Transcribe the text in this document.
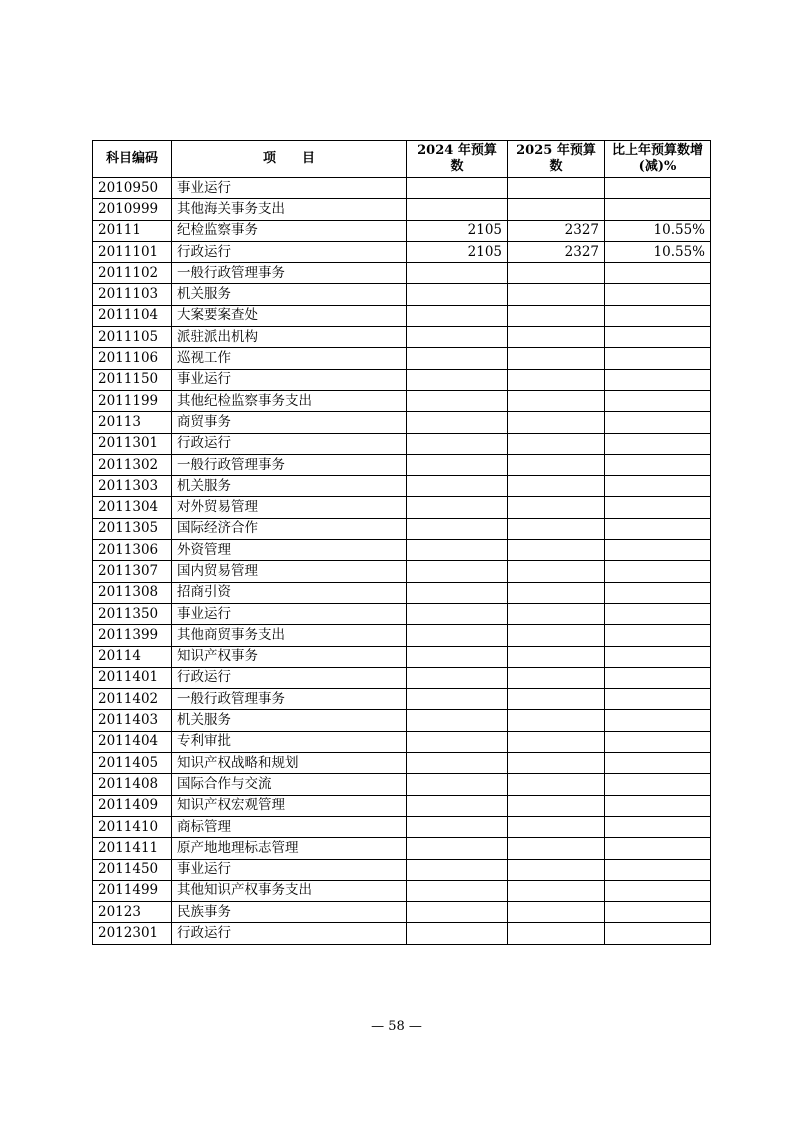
科目编码	项　　目	2024 年预算数	2025 年预算数	比上年预算数增 (减)%
2010950	事业运行			
2010999	其他海关事务支出			
20111	纪检监察事务	2105	2327	10.55%
2011101	行政运行	2105	2327	10.55%
2011102	一般行政管理事务			
2011103	机关服务			
2011104	大案要案查处			
2011105	派驻派出机构			
2011106	巡视工作			
2011150	事业运行			
2011199	其他纪检监察事务支出			
20113	商贸事务			
2011301	行政运行			
2011302	一般行政管理事务			
2011303	机关服务			
2011304	对外贸易管理			
2011305	国际经济合作			
2011306	外资管理			
2011307	国内贸易管理			
2011308	招商引资			
2011350	事业运行			
2011399	其他商贸事务支出			
20114	知识产权事务			
2011401	行政运行			
2011402	一般行政管理事务			
2011403	机关服务			
2011404	专利审批			
2011405	知识产权战略和规划			
2011408	国际合作与交流			
2011409	知识产权宏观管理			
2011410	商标管理			
2011411	原产地地理标志管理			
2011450	事业运行			
2011499	其他知识产权事务支出			
20123	民族事务			
2012301	行政运行			
— 58 —
